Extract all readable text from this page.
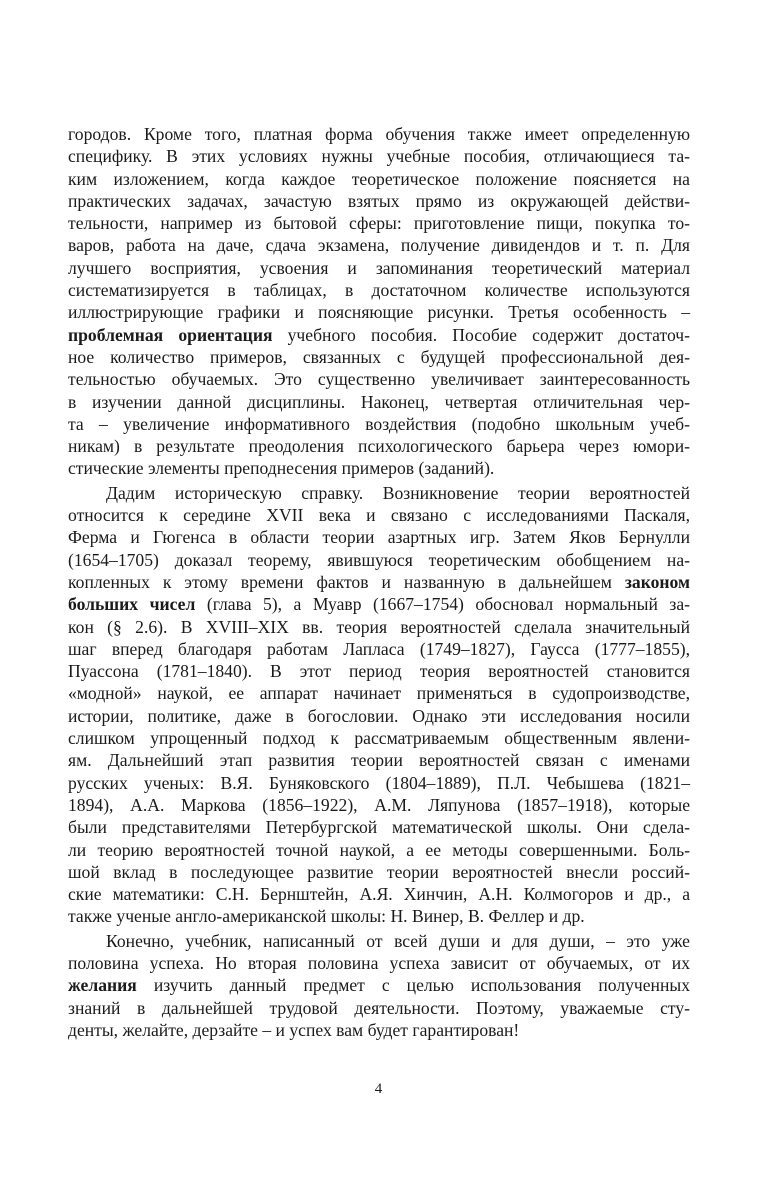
городов. Кроме того, платная форма обучения также имеет определенную
специфику. В этих условиях нужны учебные пособия, отличающиеся та-
ким изложением, когда каждое теоретическое положение поясняется на
практических задачах, зачастую взятых прямо из окружающей действи-
тельности, например из бытовой сферы: приготовление пищи, покупка то-
варов, работа на даче, сдача экзамена, получение дивидендов и т. п. Для
лучшего восприятия, усвоения и запоминания теоретический материал
систематизируется в таблицах, в достаточном количестве используются
иллюстрирующие графики и поясняющие рисунки. Третья особенность –
проблемная ориентация учебного пособия. Пособие содержит достаточ-
ное количество примеров, связанных с будущей профессиональной дея-
тельностью обучаемых. Это существенно увеличивает заинтересованность
в изучении данной дисциплины. Наконец, четвертая отличительная чер-
та – увеличение информативного воздействия (подобно школьным учеб-
никам) в результате преодоления психологического барьера через юмори-
стические элементы преподнесения примеров (заданий).
Дадим историческую справку. Возникновение теории вероятностей
относится к середине XVII века и связано с исследованиями Паскаля,
Ферма и Гюгенса в области теории азартных игр. Затем Яков Бернулли
(1654–1705) доказал теорему, явившуюся теоретическим обобщением на-
копленных к этому времени фактов и названную в дальнейшем законом
больших чисел (глава 5), а Муавр (1667–1754) обосновал нормальный за-
кон (§ 2.6). В XVIII–XIX вв. теория вероятностей сделала значительный
шаг вперед благодаря работам Лапласа (1749–1827), Гаусса (1777–1855),
Пуассона (1781–1840). В этот период теория вероятностей становится
«модной» наукой, ее аппарат начинает применяться в судопроизводстве,
истории, политике, даже в богословии. Однако эти исследования носили
слишком упрощенный подход к рассматриваемым общественным явлени-
ям. Дальнейший этап развития теории вероятностей связан с именами
русских ученых: В.Я. Буняковского (1804–1889), П.Л. Чебышева (1821–
1894), А.А. Маркова (1856–1922), А.М. Ляпунова (1857–1918), которые
были представителями Петербургской математической школы. Они сдела-
ли теорию вероятностей точной наукой, а ее методы совершенными. Боль-
шой вклад в последующее развитие теории вероятностей внесли россий-
ские математики: С.Н. Бернштейн, А.Я. Хинчин, А.Н. Колмогоров и др., а
также ученые англо-американской школы: Н. Винер, В. Феллер и др.
Конечно, учебник, написанный от всей души и для души, – это уже
половина успеха. Но вторая половина успеха зависит от обучаемых, от их
желания изучить данный предмет с целью использования полученных
знаний в дальнейшей трудовой деятельности. Поэтому, уважаемые сту-
денты, желайте, дерзайте – и успех вам будет гарантирован!
4
